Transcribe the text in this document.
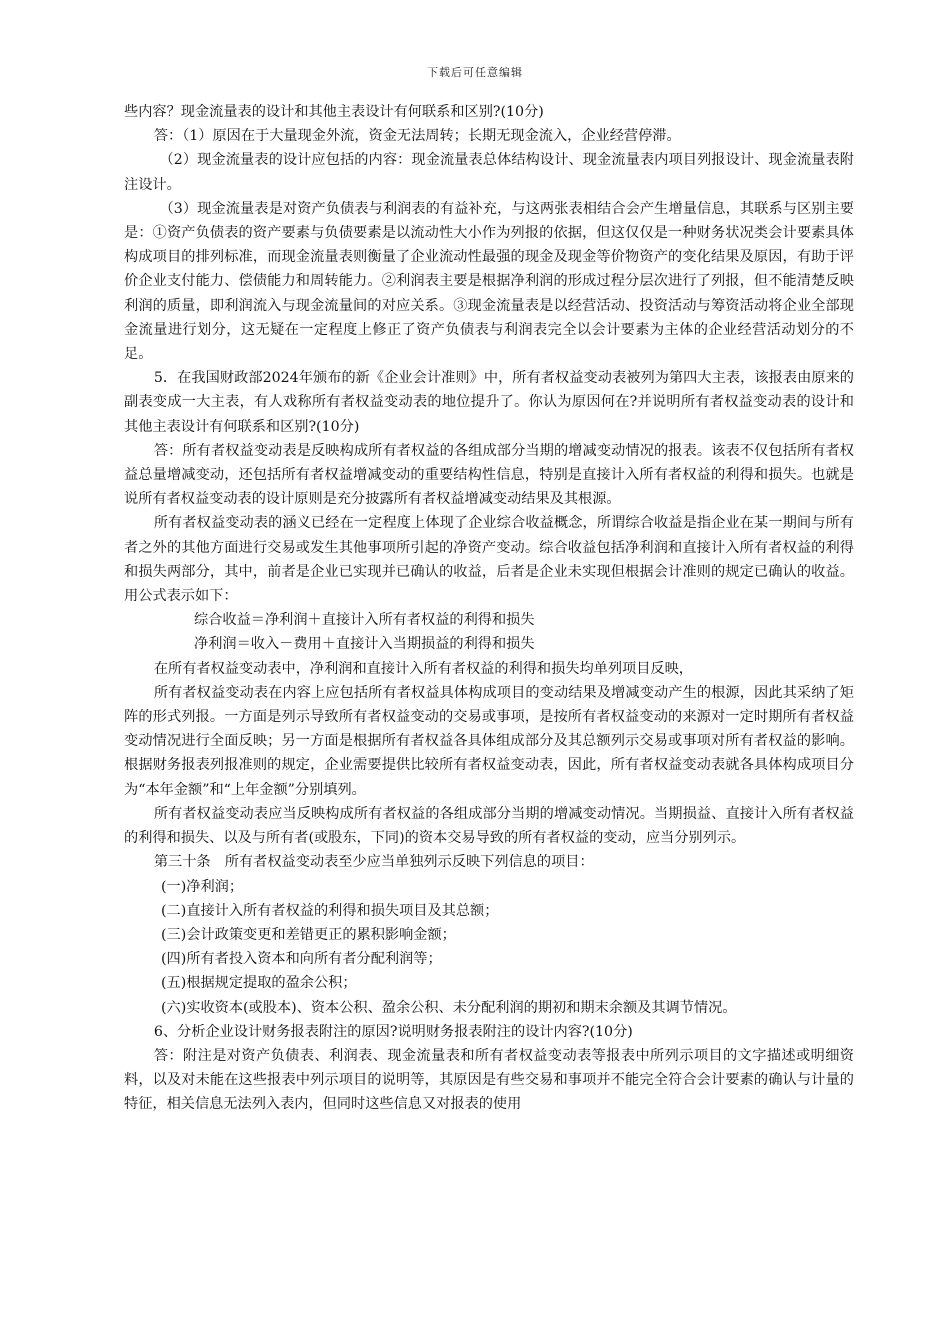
下载后可任意编辑

些内容？现金流量表的设计和其他主表设计有何联系和区别?(10分)

答：（1）原因在于大量现金外流，资金无法周转；长期无现金流入，企业经营停滞。

（2）现金流量表的设计应包括的内容：现金流量表总体结构设计、现金流量表内项目列报设计、现金流量表附注设计。

（3）现金流量表是对资产负债表与利润表的有益补充，与这两张表相结合会产生增量信息，其联系与区别主要是：①资产负债表的资产要素与负债要素是以流动性大小作为列报的依据，但这仅仅是一种财务状况类会计要素具体构成项目的排列标准，而现金流量表则衡量了企业流动性最强的现金及现金等价物资产的变化结果及原因，有助于评价企业支付能力、偿债能力和周转能力。②利润表主要是根据净利润的形成过程分层次进行了列报，但不能清楚反映利润的质量，即利润流入与现金流量间的对应关系。③现金流量表是以经营活动、投资活动与筹资活动将企业全部现金流量进行划分，这无疑在一定程度上修正了资产负债表与利润表完全以会计要素为主体的企业经营活动划分的不足。

5．在我国财政部2024年颁布的新《企业会计准则》中，所有者权益变动表被列为第四大主表，该报表由原来的副表变成一大主表，有人戏称所有者权益变动表的地位提升了。你认为原因何在?并说明所有者权益变动表的设计和其他主表设计有何联系和区别?(10分)

答：所有者权益变动表是反映构成所有者权益的各组成部分当期的增减变动情况的报表。该表不仅包括所有者权益总量增减变动，还包括所有者权益增减变动的重要结构性信息，特别是直接计入所有者权益的利得和损失。也就是说所有者权益变动表的设计原则是充分披露所有者权益增减变动结果及其根源。

所有者权益变动表的涵义已经在一定程度上体现了企业综合收益概念，所谓综合收益是指企业在某一期间与所有者之外的其他方面进行交易或发生其他事项所引起的净资产变动。综合收益包括净利润和直接计入所有者权益的利得和损失两部分，其中，前者是企业已实现并已确认的收益，后者是企业未实现但根据会计准则的规定已确认的收益。用公式表示如下：

综合收益＝净利润＋直接计入所有者权益的利得和损失

净利润＝收入－费用＋直接计入当期损益的利得和损失

在所有者权益变动表中，净利润和直接计入所有者权益的利得和损失均单列项目反映，

所有者权益变动表在内容上应包括所有者权益具体构成项目的变动结果及增减变动产生的根源，因此其采纳了矩阵的形式列报。一方面是列示导致所有者权益变动的交易或事项，是按所有者权益变动的来源对一定时期所有者权益变动情况进行全面反映；另一方面是根据所有者权益各具体组成部分及其总额列示交易或事项对所有者权益的影响。根据财务报表列报准则的规定，企业需要提供比较所有者权益变动表，因此，所有者权益变动表就各具体构成项目分为“本年金额”和“上年金额”分别填列。

所有者权益变动表应当反映构成所有者权益的各组成部分当期的增减变动情况。当期损益、直接计入所有者权益的利得和损失、以及与所有者(或股东，下同)的资本交易导致的所有者权益的变动，应当分别列示。

第三十条　所有者权益变动表至少应当单独列示反映下列信息的项目：

(一)净利润；

(二)直接计入所有者权益的利得和损失项目及其总额；

(三)会计政策变更和差错更正的累积影响金额；

(四)所有者投入资本和向所有者分配利润等；

(五)根据规定提取的盈余公积；

(六)实收资本(或股本)、资本公积、盈余公积、未分配利润的期初和期末余额及其调节情况。

6、分析企业设计财务报表附注的原因?说明财务报表附注的设计内容?(10分)

答：附注是对资产负债表、利润表、现金流量表和所有者权益变动表等报表中所列示项目的文字描述或明细资料，以及对未能在这些报表中列示项目的说明等，其原因是有些交易和事项并不能完全符合会计要素的确认与计量的特征，相关信息无法列入表内，但同时这些信息又对报表的使用
